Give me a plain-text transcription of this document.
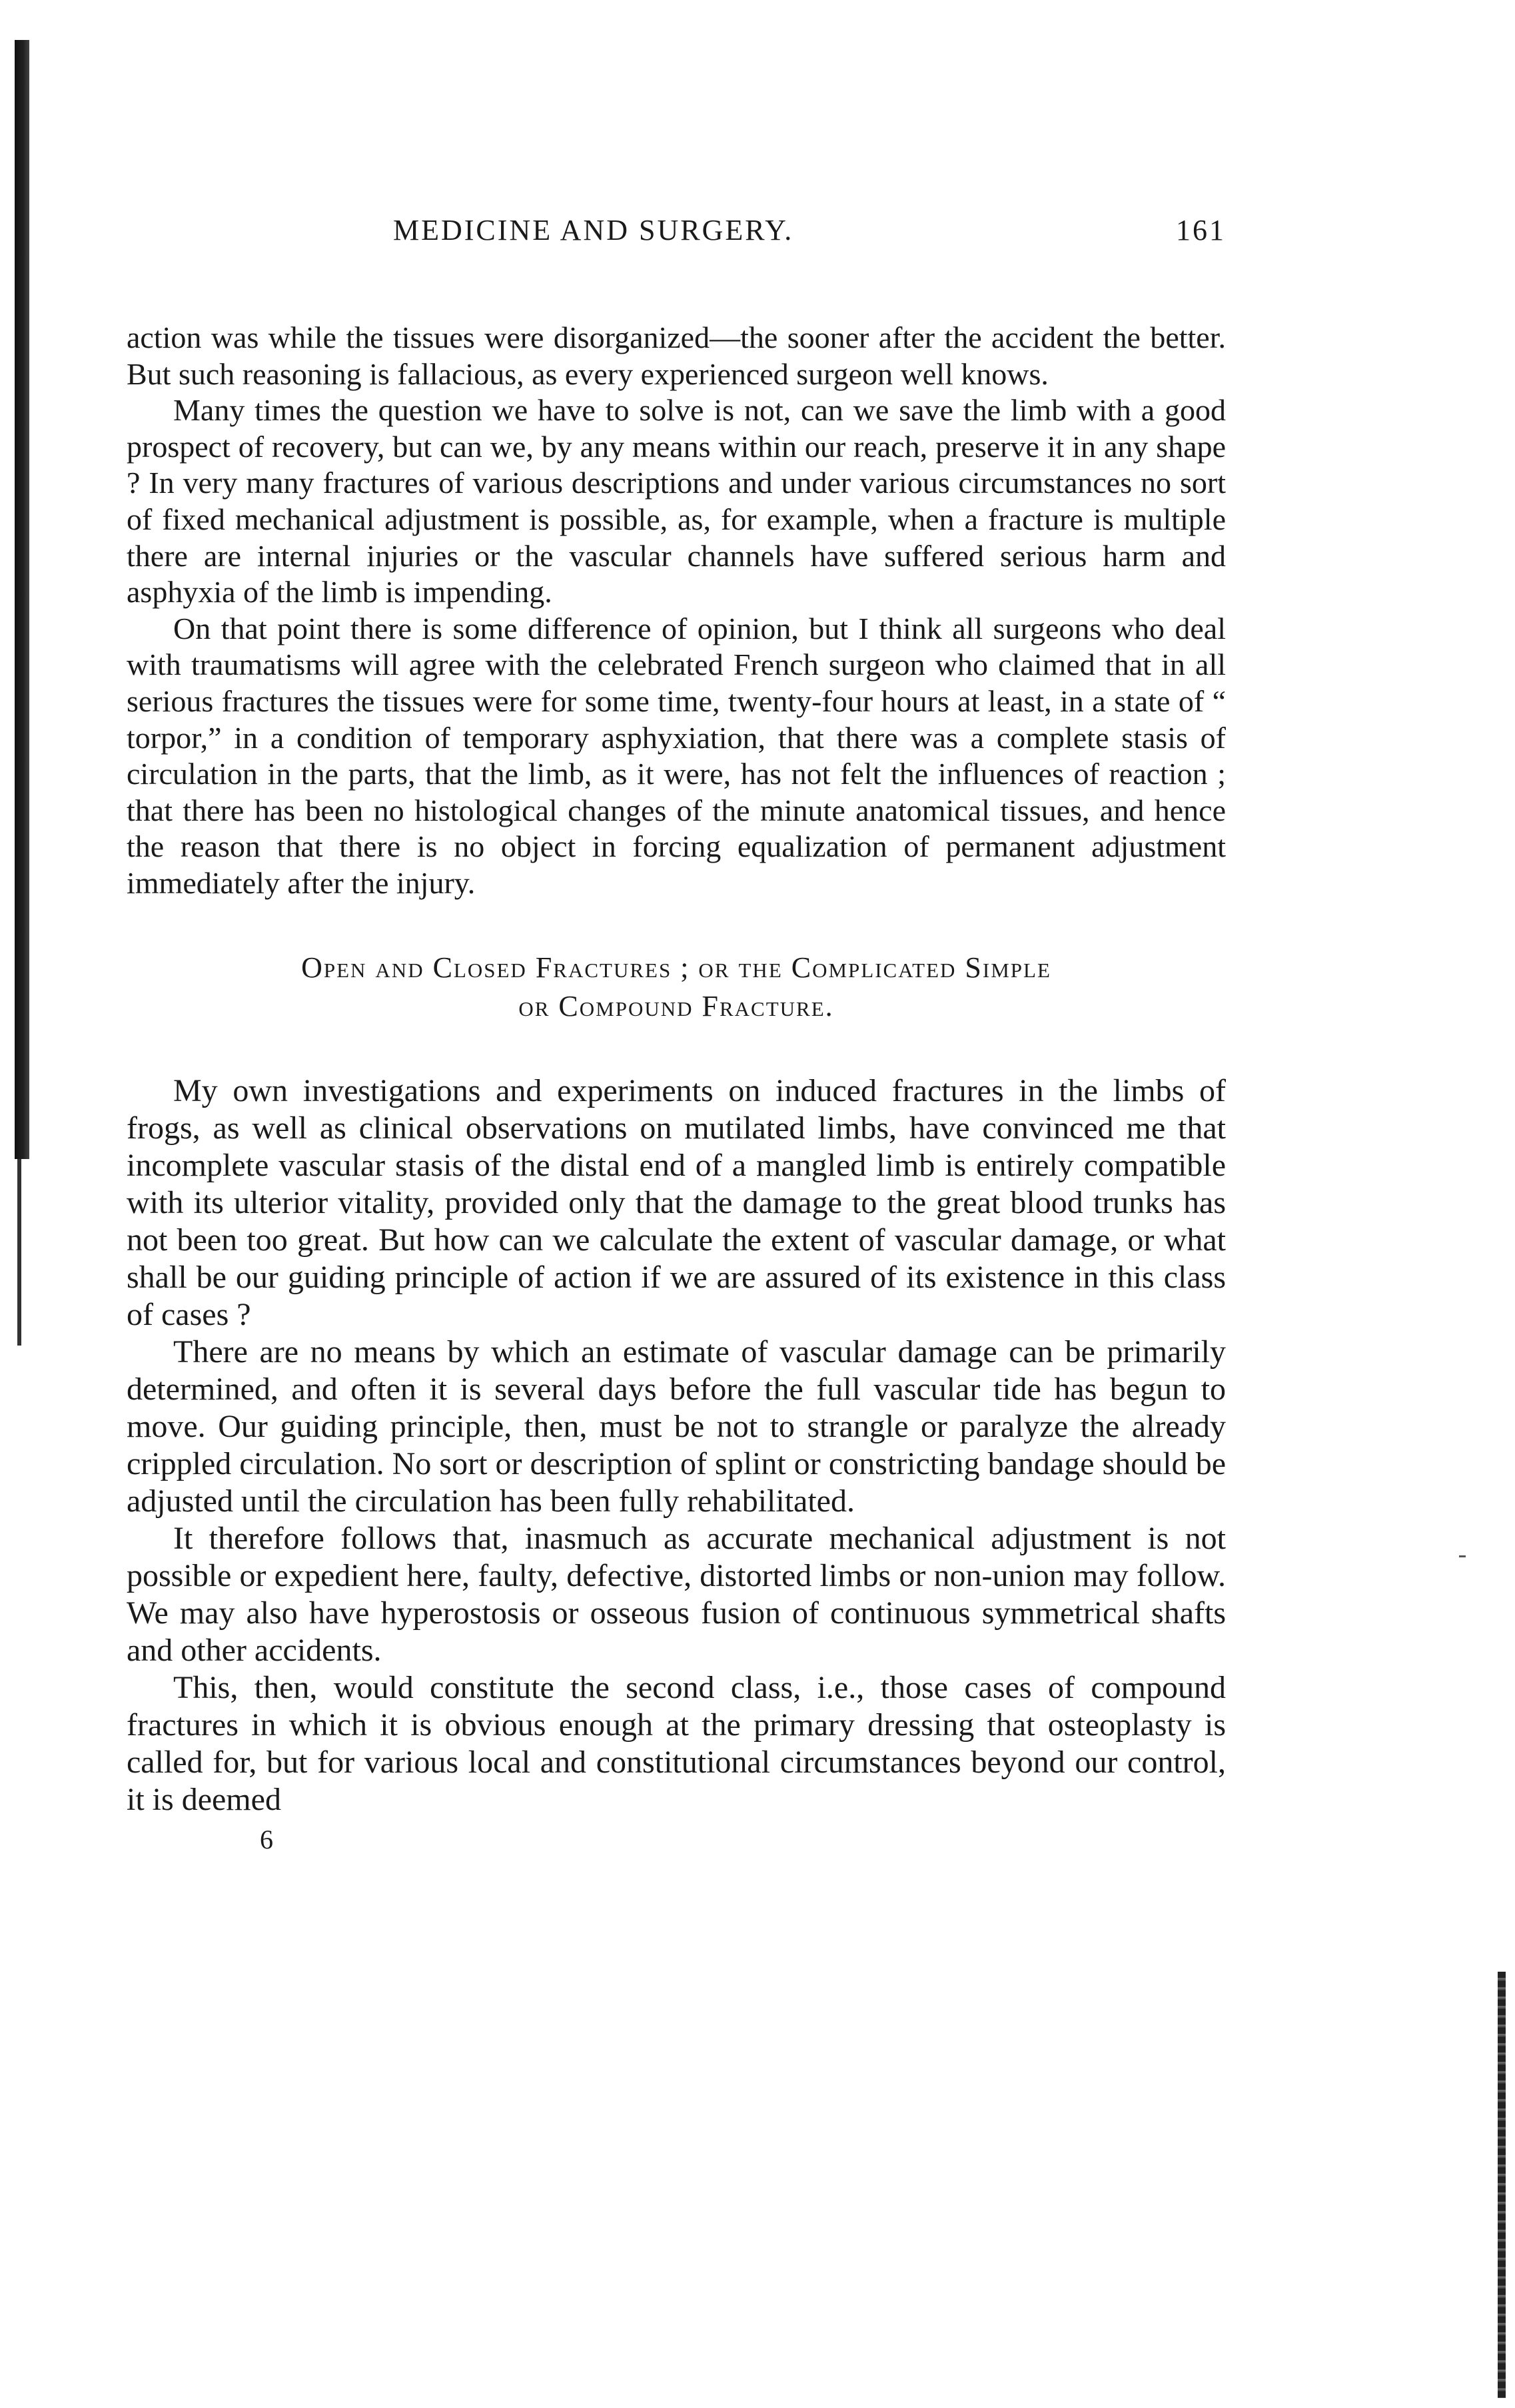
MEDICINE AND SURGERY.	161

action was while the tissues were disorganized—the sooner after the accident the better. But such reasoning is fallacious, as every experienced surgeon well knows.

Many times the question we have to solve is not, can we save the limb with a good prospect of recovery, but can we, by any means within our reach, preserve it in any shape ? In very many fractures of various descriptions and under various circumstances no sort of fixed mechanical adjustment is possible, as, for example, when a fracture is multiple there are internal injuries or the vascular channels have suffered serious harm and asphyxia of the limb is impending.

On that point there is some difference of opinion, but I think all surgeons who deal with traumatisms will agree with the celebrated French surgeon who claimed that in all serious fractures the tissues were for some time, twenty-four hours at least, in a state of “ torpor,” in a condition of temporary asphyxiation, that there was a complete stasis of circulation in the parts, that the limb, as it were, has not felt the influences of reaction ; that there has been no histological changes of the minute anatomical tissues, and hence the reason that there is no object in forcing equalization of permanent adjustment immediately after the injury.

Open and Closed Fractures ; or the Complicated Simple
or Compound Fracture.

My own investigations and experiments on induced fractures in the limbs of frogs, as well as clinical observations on mutilated limbs, have convinced me that incomplete vascular stasis of the distal end of a mangled limb is entirely compatible with its ulterior vitality, provided only that the damage to the great blood trunks has not been too great. But how can we calculate the extent of vascular damage, or what shall be our guiding principle of action if we are assured of its existence in this class of cases ?

There are no means by which an estimate of vascular damage can be primarily determined, and often it is several days before the full vascular tide has begun to move. Our guiding principle, then, must be not to strangle or paralyze the already crippled circulation. No sort or description of splint or constricting bandage should be adjusted until the circulation has been fully rehabilitated.

It therefore follows that, inasmuch as accurate mechanical adjustment is not possible or expedient here, faulty, defective, distorted limbs or non-union may follow. We may also have hyperostosis or osseous fusion of continuous symmetrical shafts and other accidents.

This, then, would constitute the second class, i.e., those cases of compound fractures in which it is obvious enough at the primary dressing that osteoplasty is called for, but for various local and constitutional circumstances beyond our control, it is deemed

6
